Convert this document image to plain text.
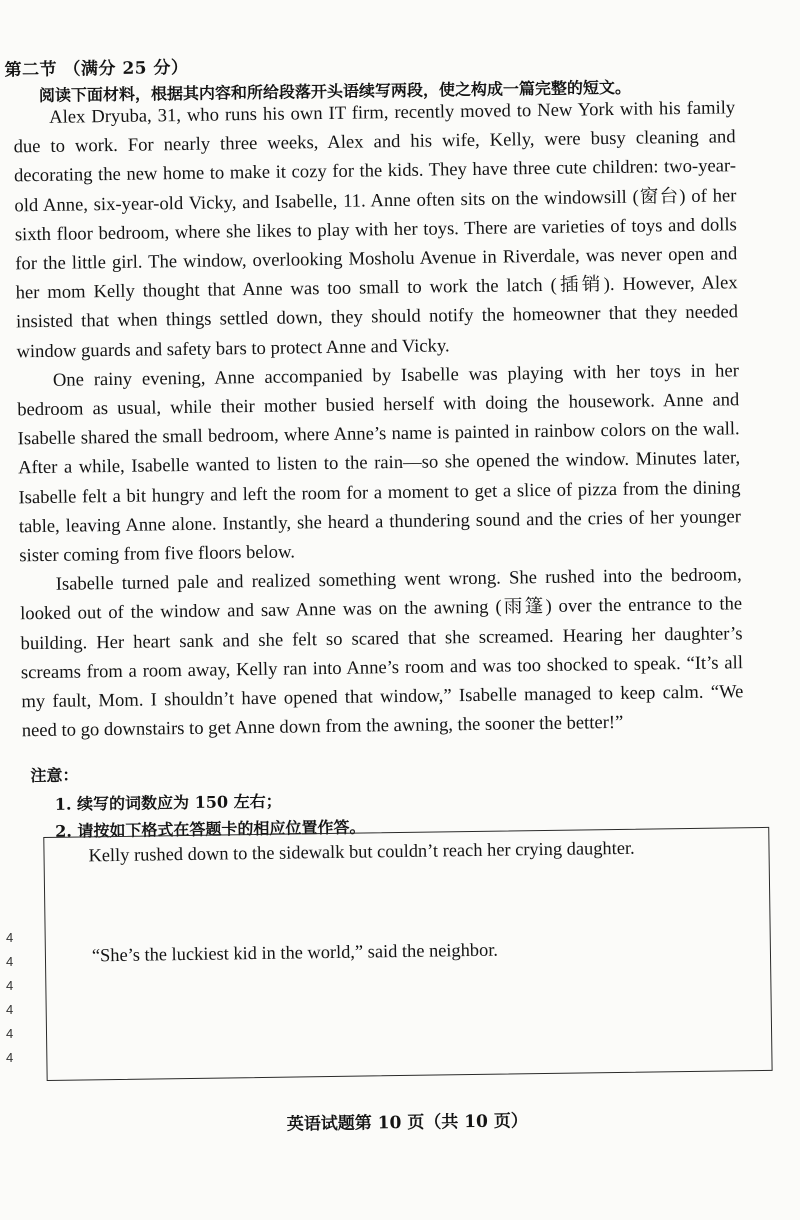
第二节 （满分 25 分）
阅读下面材料，根据其内容和所给段落开头语续写两段，使之构成一篇完整的短文。

Alex Dryuba, 31, who runs his own IT firm, recently moved to New York with his family due to work. For nearly three weeks, Alex and his wife, Kelly, were busy cleaning and decorating the new home to make it cozy for the kids. They have three cute children: two-year-old Anne, six-year-old Vicky, and Isabelle, 11. Anne often sits on the windowsill (窗台) of her sixth floor bedroom, where she likes to play with her toys. There are varieties of toys and dolls for the little girl. The window, overlooking Mosholu Avenue in Riverdale, was never open and her mom Kelly thought that Anne was too small to work the latch (插销). However, Alex insisted that when things settled down, they should notify the homeowner that they needed window guards and safety bars to protect Anne and Vicky.

One rainy evening, Anne accompanied by Isabelle was playing with her toys in her bedroom as usual, while their mother busied herself with doing the housework. Anne and Isabelle shared the small bedroom, where Anne’s name is painted in rainbow colors on the wall. After a while, Isabelle wanted to listen to the rain—so she opened the window. Minutes later, Isabelle felt a bit hungry and left the room for a moment to get a slice of pizza from the dining table, leaving Anne alone. Instantly, she heard a thundering sound and the cries of her younger sister coming from five floors below.

Isabelle turned pale and realized something went wrong. She rushed into the bedroom, looked out of the window and saw Anne was on the awning (雨篷) over the entrance to the building. Her heart sank and she felt so scared that she screamed. Hearing her daughter’s screams from a room away, Kelly ran into Anne’s room and was too shocked to speak. “It’s all my fault, Mom. I shouldn’t have opened that window,” Isabelle managed to keep calm. “We need to go downstairs to get Anne down from the awning, the sooner the better!”

注意：
1. 续写的词数应为 150 左右；
2. 请按如下格式在答题卡的相应位置作答。
Kelly rushed down to the sidewalk but couldn’t reach her crying daughter.
“She’s the luckiest kid in the world,” said the neighbor.
英语试题第 10 页（共 10 页）
4
4
4
4
4
4
